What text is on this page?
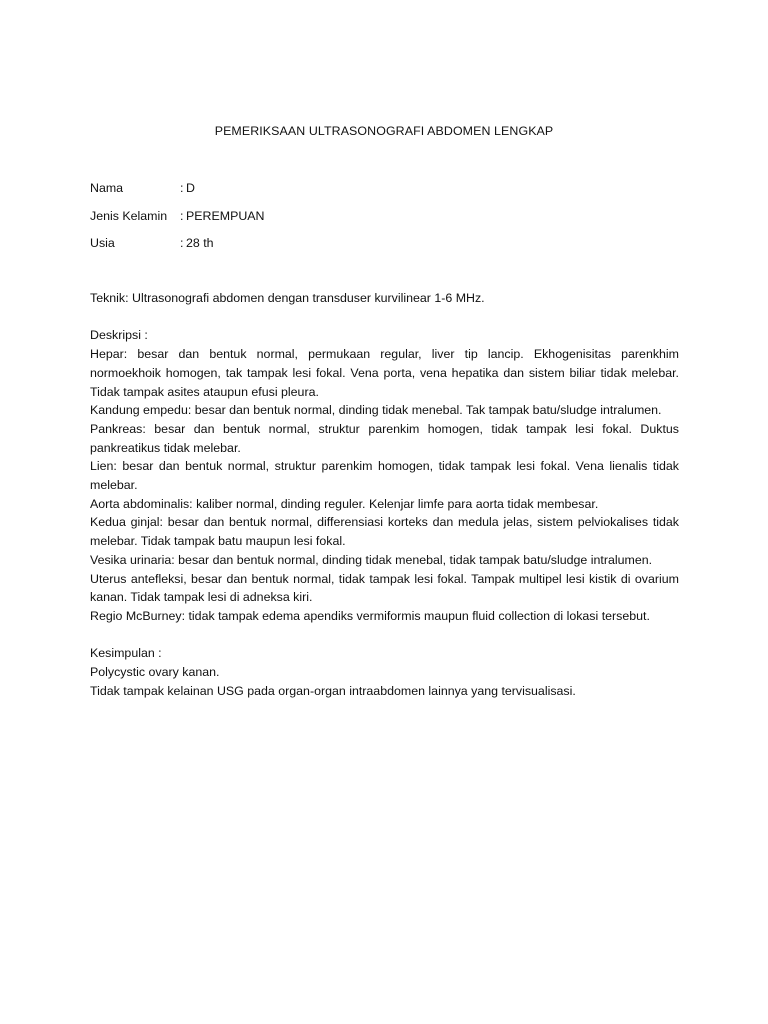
PEMERIKSAAN ULTRASONOGRAFI ABDOMEN LENGKAP
Nama	: D
Jenis Kelamin : PEREMPUAN
Usia	: 28 th

Teknik: Ultrasonografi abdomen dengan transduser kurvilinear 1-6 MHz.

Deskripsi :

Hepar: besar dan bentuk normal, permukaan regular, liver tip lancip. Ekhogenisitas parenkhim normoekhoik homogen, tak tampak lesi fokal. Vena porta, vena hepatika dan sistem biliar tidak melebar. Tidak tampak asites ataupun efusi pleura.

Kandung empedu: besar dan bentuk normal, dinding tidak menebal. Tak tampak batu/sludge intralumen.

Pankreas: besar dan bentuk normal, struktur parenkim homogen, tidak tampak lesi fokal. Duktus pankreatikus tidak melebar.

Lien: besar dan bentuk normal, struktur parenkim homogen, tidak tampak lesi fokal. Vena lienalis tidak melebar.

Aorta abdominalis: kaliber normal, dinding reguler. Kelenjar limfe para aorta tidak membesar.

Kedua ginjal: besar dan bentuk normal, differensiasi korteks dan medula jelas, sistem pelviokalises tidak melebar. Tidak tampak batu maupun lesi fokal.

Vesika urinaria: besar dan bentuk normal, dinding tidak menebal, tidak tampak batu/sludge intralumen.

Uterus antefleksi, besar dan bentuk normal, tidak tampak lesi fokal. Tampak multipel lesi kistik di ovarium kanan. Tidak tampak lesi di adneksa kiri.

Regio McBurney: tidak tampak edema apendiks vermiformis maupun fluid collection di lokasi tersebut.

Kesimpulan :

Polycystic ovary kanan.

Tidak tampak kelainan USG pada organ-organ intraabdomen lainnya yang tervisualisasi.
